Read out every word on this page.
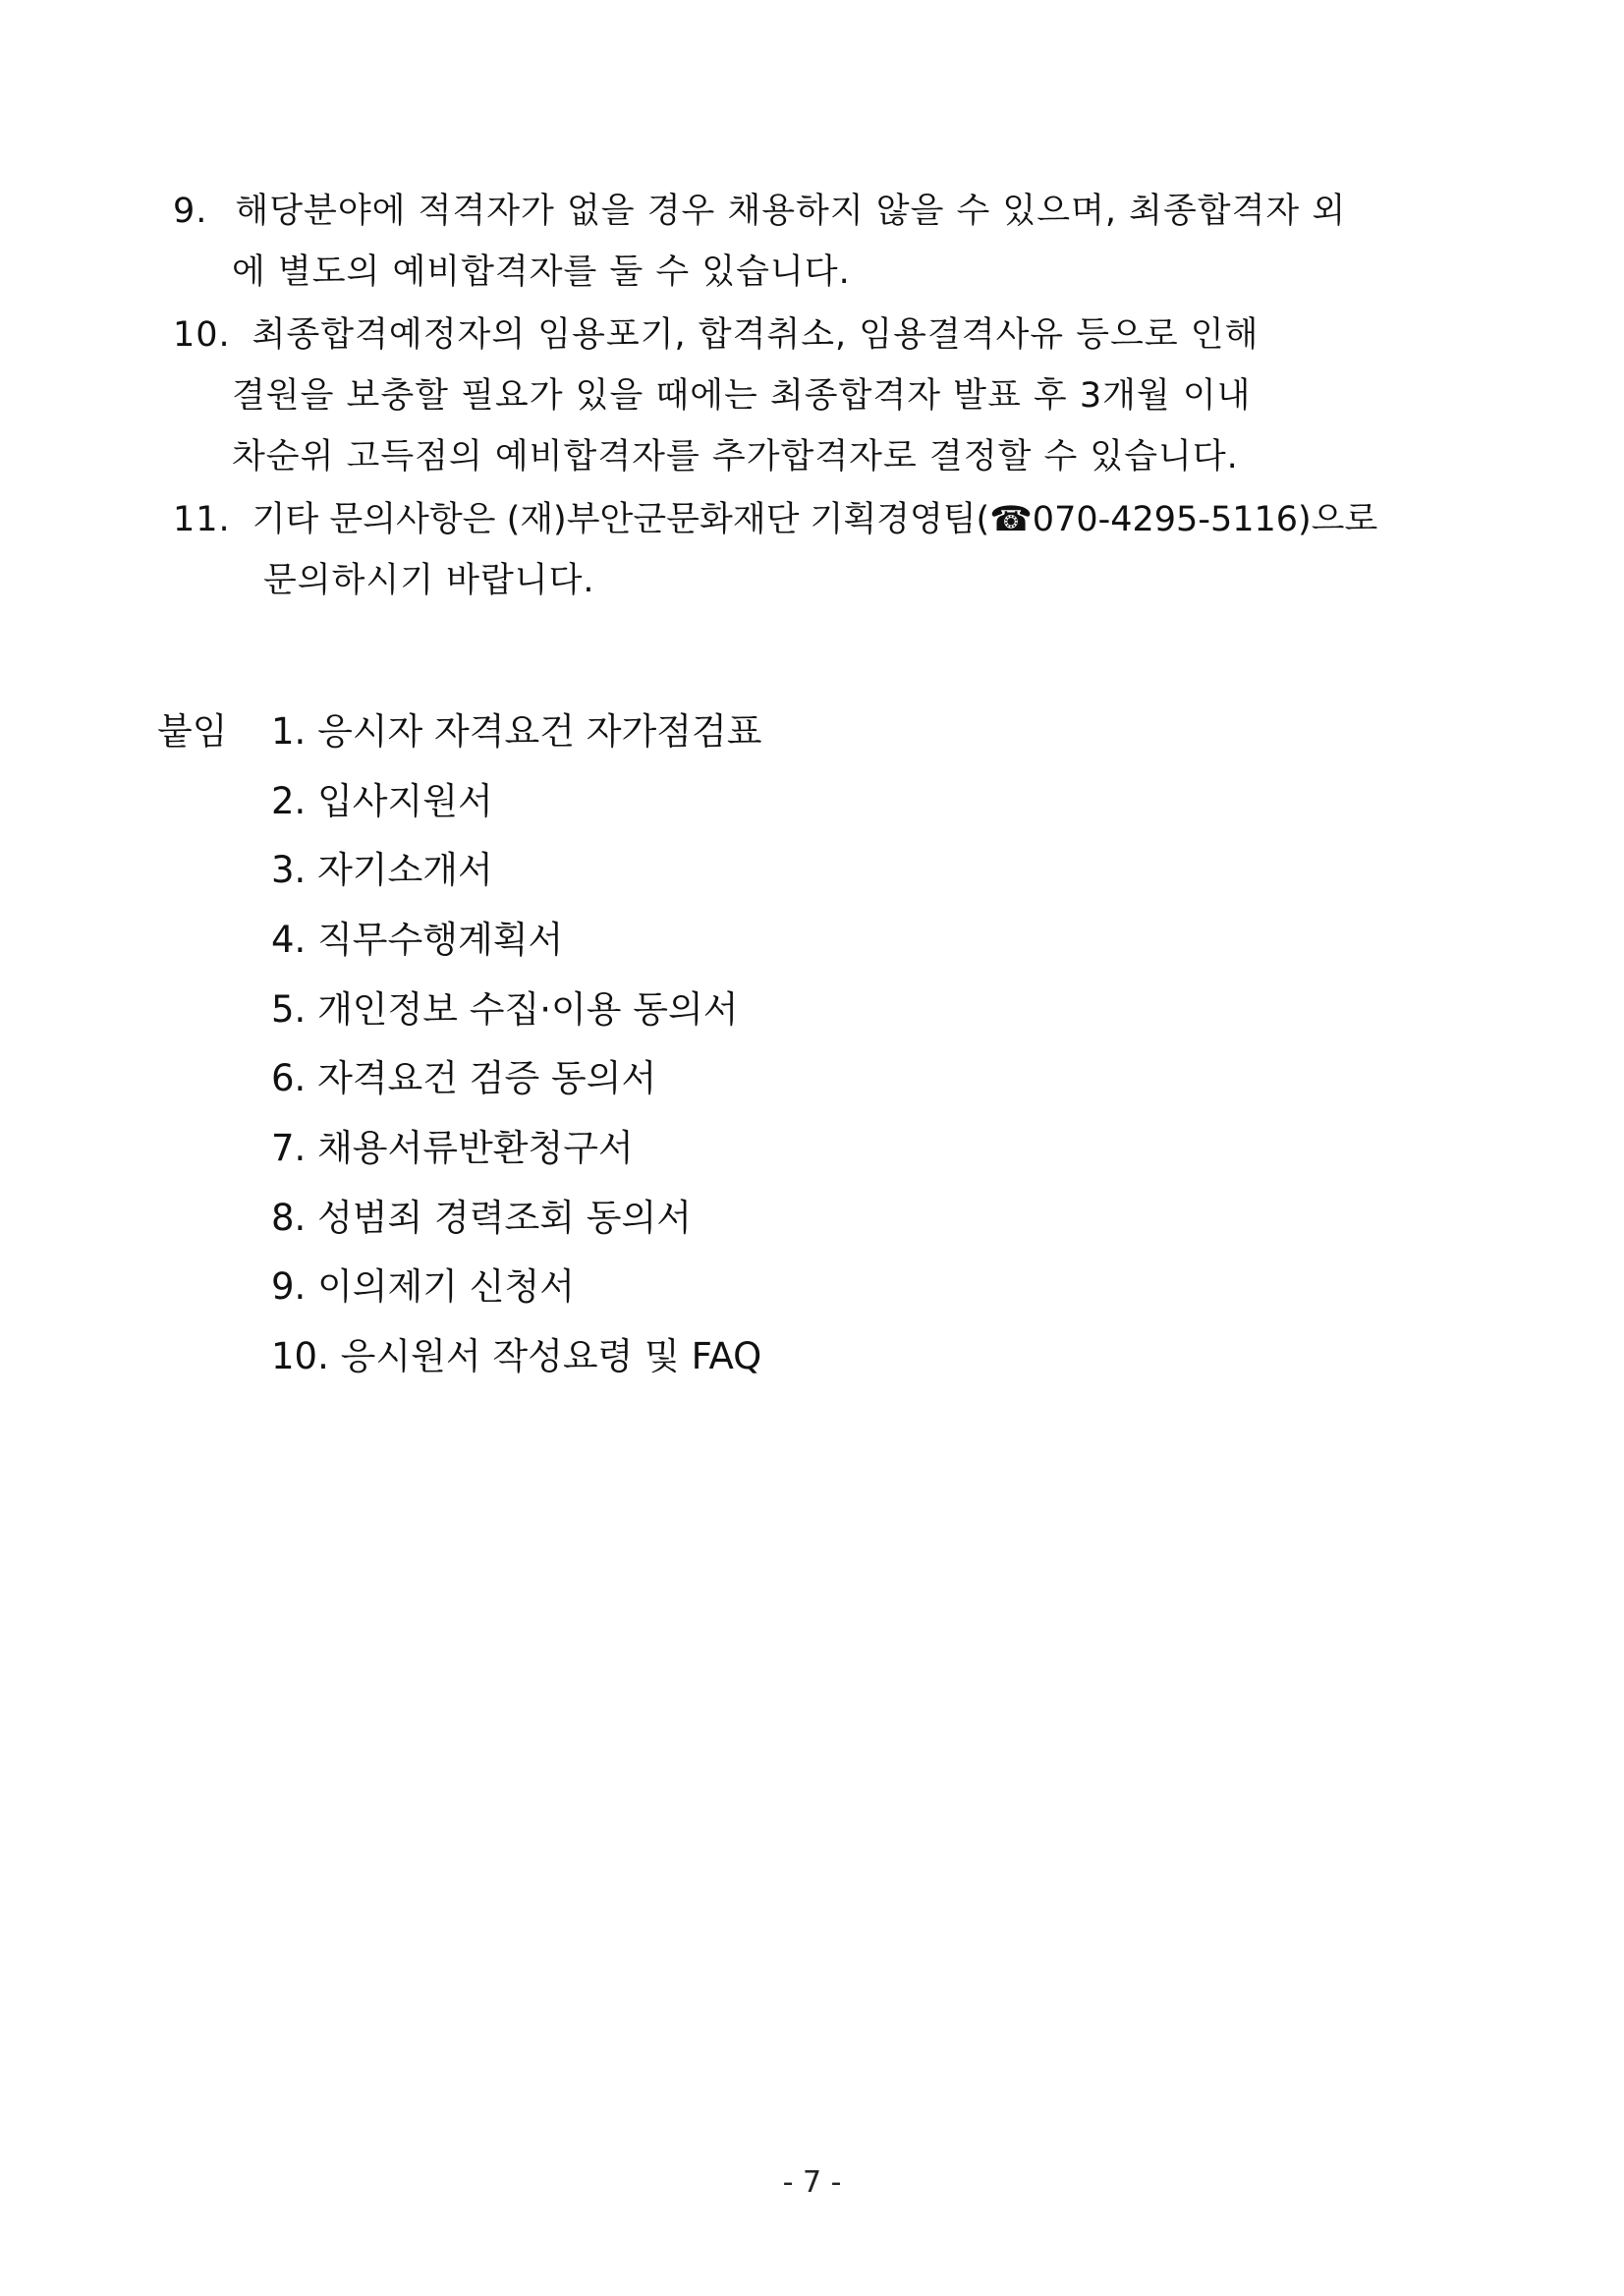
9. 해당분야에 적격자가 없을 경우 채용하지 않을 수 있으며, 최종합격자 외
에 별도의 예비합격자를 둘 수 있습니다.
10. 최종합격예정자의 임용포기, 합격취소, 임용결격사유 등으로 인해
결원을 보충할 필요가 있을 때에는 최종합격자 발표 후 3개월 이내
차순위 고득점의 예비합격자를 추가합격자로 결정할 수 있습니다.
11. 기타 문의사항은 (재)부안군문화재단 기획경영팀(☎070-4295-5116)으로
문의하시기 바랍니다.
붙임 1. 응시자 자격요건 자가점검표
2. 입사지원서
3. 자기소개서
4. 직무수행계획서
5. 개인정보 수집·이용 동의서
6. 자격요건 검증 동의서
7. 채용서류반환청구서
8. 성범죄 경력조회 동의서
9. 이의제기 신청서
10. 응시원서 작성요령 및 FAQ
- 7 -
